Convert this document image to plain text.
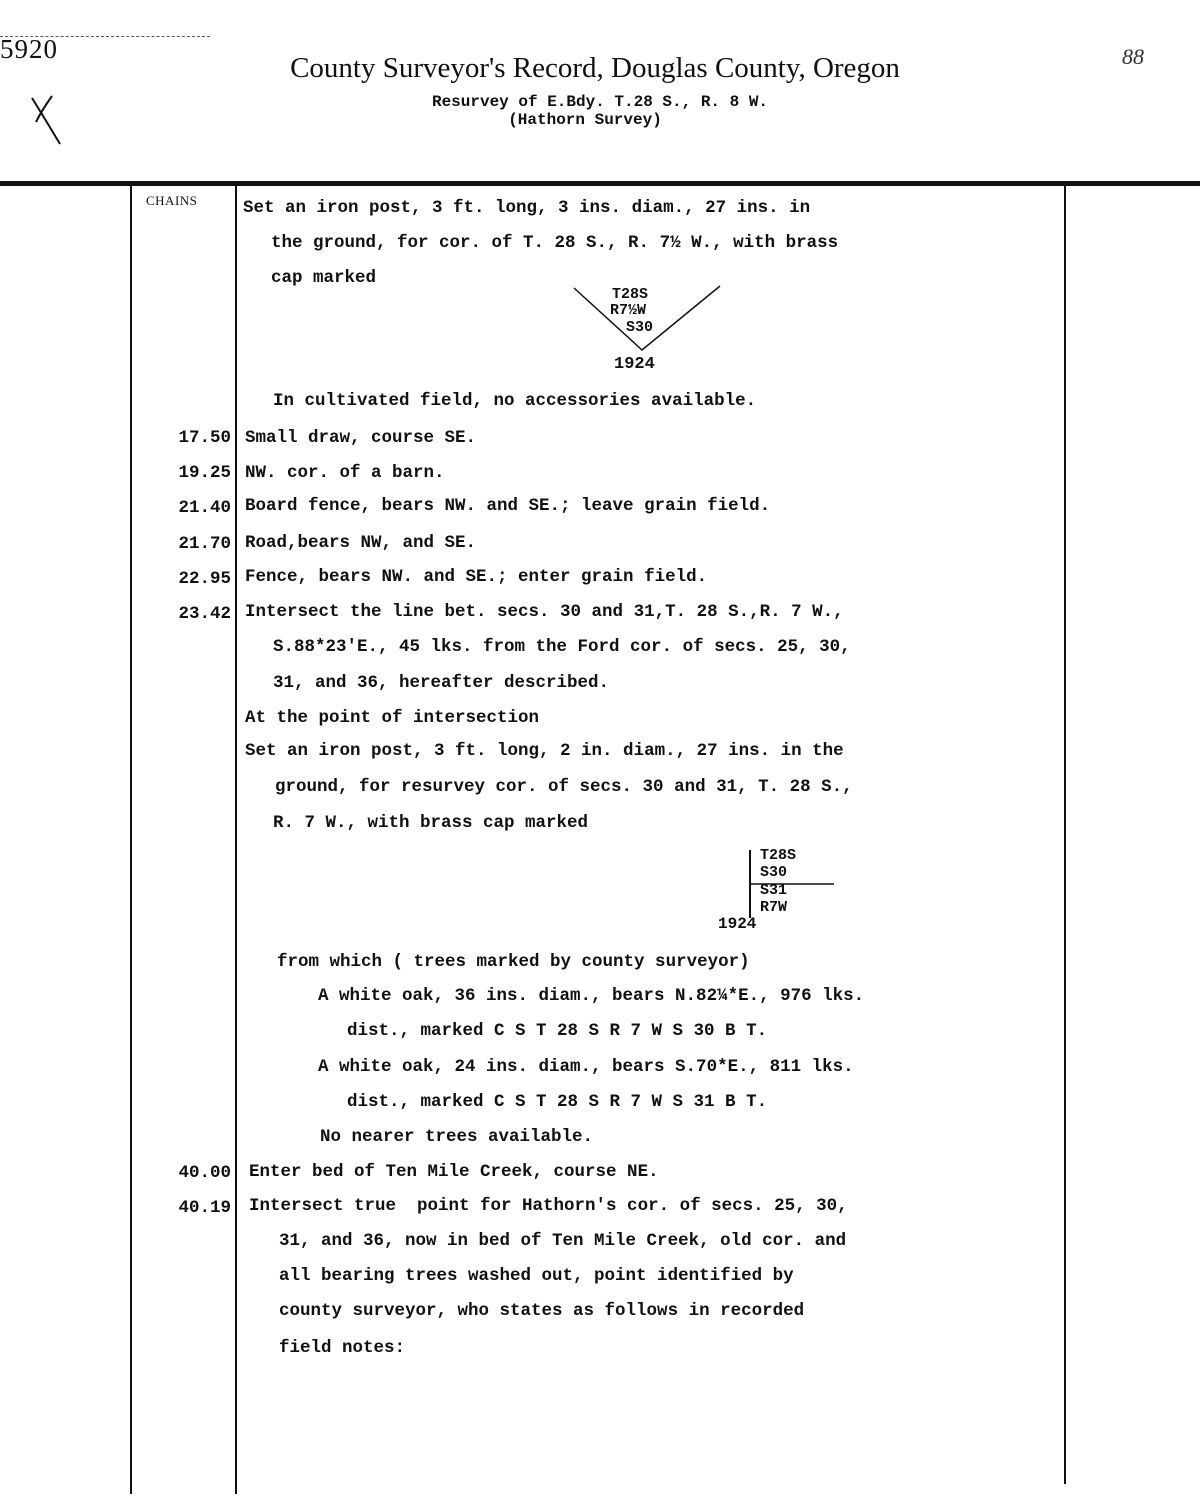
5920	88
County Surveyor's Record, Douglas County, Oregon
Resurvey of E.Bdy. T.28 S., R. 8 W.
(Hathorn Survey)
CHAINS	Set an iron post, 3 ft. long, 3 ins. diam., 27 ins. in
the ground, for cor. of T. 28 S., R. 7½ W., with brass
cap marked
T28S
R7½W
S30
1924
In cultivated field, no accessories available.
17.50 Small draw, course SE.
19.25 NW. cor. of a barn.
21.40 Board fence, bears NW. and SE.; leave grain field.
21.70 Road,bears NW, and SE.
22.95 Fence, bears NW. and SE.; enter grain field.
23.42 Intersect the line bet. secs. 30 and 31,T. 28 S.,R. 7 W.,
S.88*23'E., 45 lks. from the Ford cor. of secs. 25, 30,
31, and 36, hereafter described.
At the point of intersection
Set an iron post, 3 ft. long, 2 in. diam., 27 ins. in the
ground, for resurvey cor. of secs. 30 and 31, T. 28 S.,
R. 7 W., with brass cap marked
T28S
S30
S31
R7W
1924
from which ( trees marked by county surveyor)
A white oak, 36 ins. diam., bears N.82¼*E., 976 lks.
dist., marked C S T 28 S R 7 W S 30 B T.
A white oak, 24 ins. diam., bears S.70*E., 811 lks.
dist., marked C S T 28 S R 7 W S 31 B T.
No nearer trees available.
40.00 Enter bed of Ten Mile Creek, course NE.
40.19 Intersect true  point for Hathorn's cor. of secs. 25, 30,
31, and 36, now in bed of Ten Mile Creek, old cor. and
all bearing trees washed out, point identified by
county surveyor, who states as follows in recorded
field notes:
